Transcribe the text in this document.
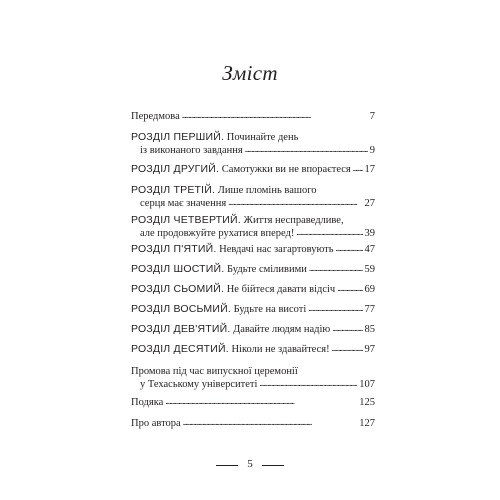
Зміст
Передмова . . .	7
РОЗДІЛ ПЕРШИЙ. Починайте день
із виконаного завдання . . .	9
РОЗДІЛ ДРУГИЙ. Самотужки ви не впораєтеся . . . 17
РОЗДІЛ ТРЕТІЙ. Лише пломінь вашого
серця має значення . . .	27
РОЗДІЛ ЧЕТВЕРТИЙ. Життя несправедливе,
але продовжуйте рухатися вперед! . . .	39
РОЗДІЛ П'ЯТИЙ. Невдачі нас загартовують . . .	47
РОЗДІЛ ШОСТИЙ. Будьте сміливими . . .	59
РОЗДІЛ СЬОМИЙ. Не бійтеся давати відсіч . . .	69
РОЗДІЛ ВОСЬМИЙ. Будьте на висоті . . .	77
РОЗДІЛ ДЕВ'ЯТИЙ. Давайте людям надію . . .	85
РОЗДІЛ ДЕСЯТИЙ. Ніколи не здавайтеся! . . .	97
Промова під час випускної церемонії
у Техаському університеті . . .	107
Подяка . . .	125
Про автора . . .	127
5
